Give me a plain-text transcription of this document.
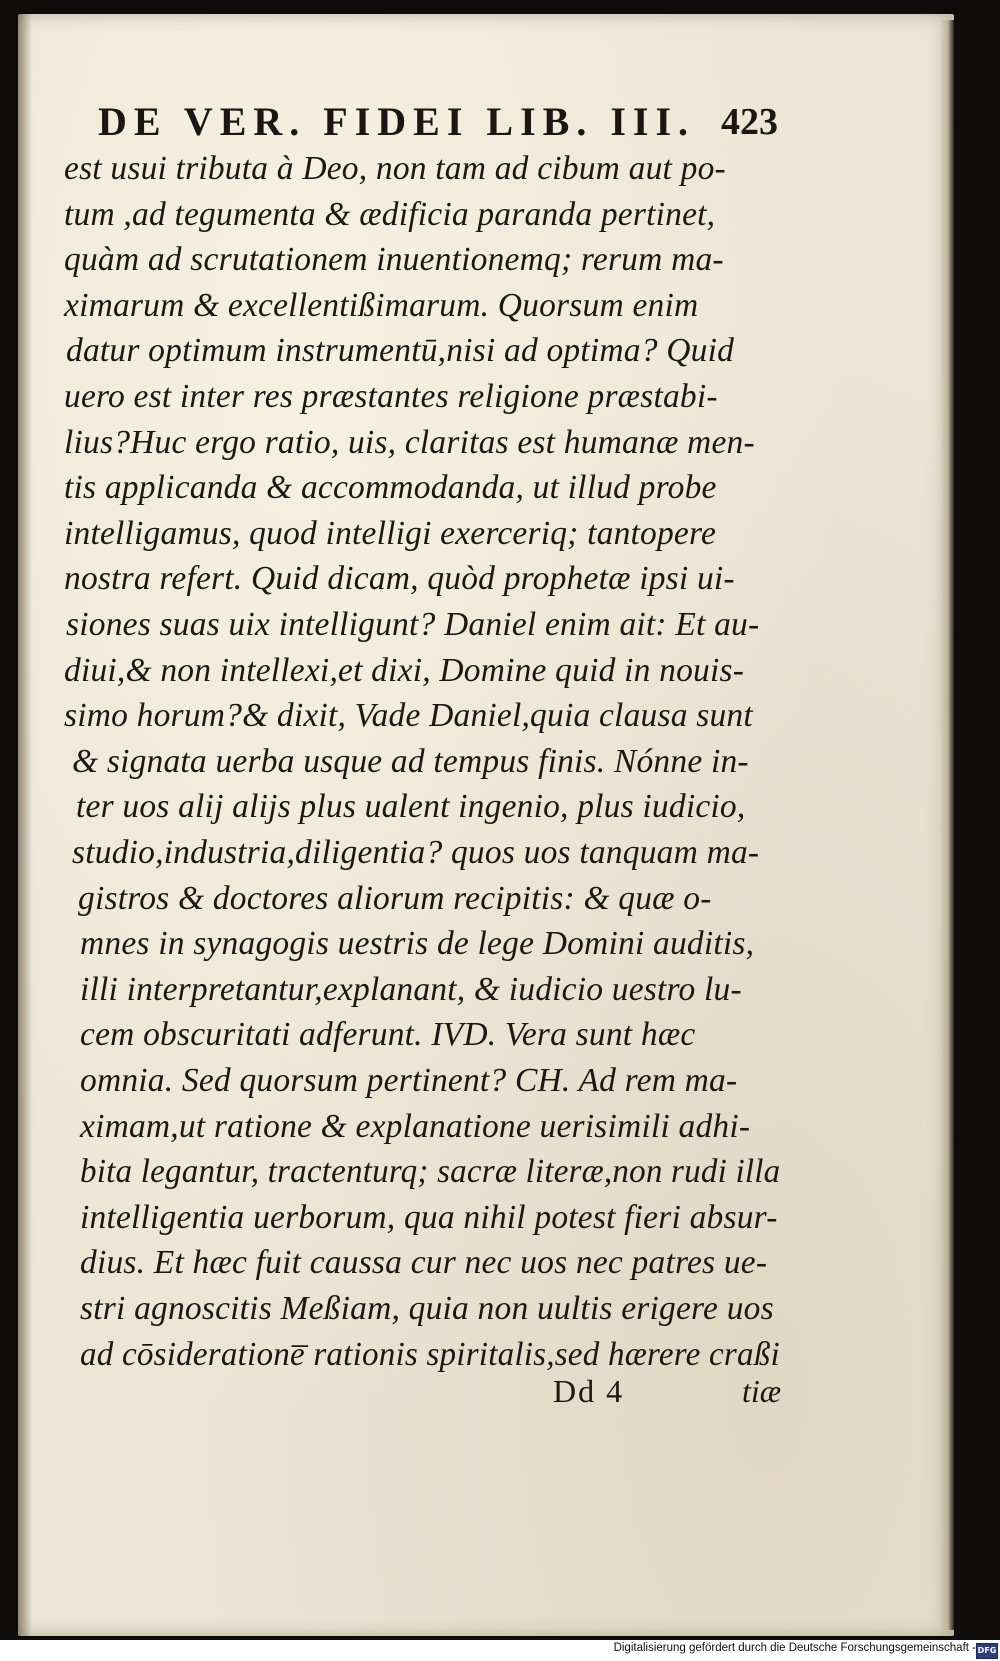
DE VER. FIDEI LIB. III. 423
est usui tributa à Deo, non tam ad cibum aut po-
tum ,ad tegumenta & ædificia paranda pertinet,
quàm ad scrutationem inuentionemq; rerum ma-
ximarum & excellentißimarum. Quorsum enim
datur optimum instrumentū,nisi ad optima? Quid
uero est inter res præstantes religione præstabi-
lius?Huc ergo ratio, uis, claritas est humanæ men-
tis applicanda & accommodanda, ut illud probe
intelligamus, quod intelligi exerceriq; tantopere
nostra refert. Quid dicam, quòd prophetæ ipsi ui-
siones suas uix intelligunt? Daniel enim ait: Et au-
diui,& non intellexi,et dixi, Domine quid in nouis-
simo horum?& dixit, Vade Daniel,quia clausa sunt
& signata uerba usque ad tempus finis. Nónne in-
ter uos alij alijs plus ualent ingenio, plus iudicio,
studio,industria,diligentia? quos uos tanquam ma-
gistros & doctores aliorum recipitis: & quæ o-
mnes in synagogis uestris de lege Domini auditis,
illi interpretantur,explanant, & iudicio uestro lu-
cem obscuritati adferunt. IVD. Vera sunt hæc
omnia. Sed quorsum pertinent? CH. Ad rem ma-
ximam,ut ratione & explanatione uerisimili adhi-
bita legantur, tractenturq; sacræ literæ,non rudi illa
intelligentia uerborum, qua nihil potest fieri absur-
dius. Et hæc fuit caussa cur nec uos nec patres ue-
stri agnoscitis Meßiam, quia non uultis erigere uos
ad cōsideratione̅ rationis spiritalis,sed hærere craßi
Dd 4	tiæ
Digitalisierung gefördert durch die Deutsche Forschungsgemeinschaft - DFG
